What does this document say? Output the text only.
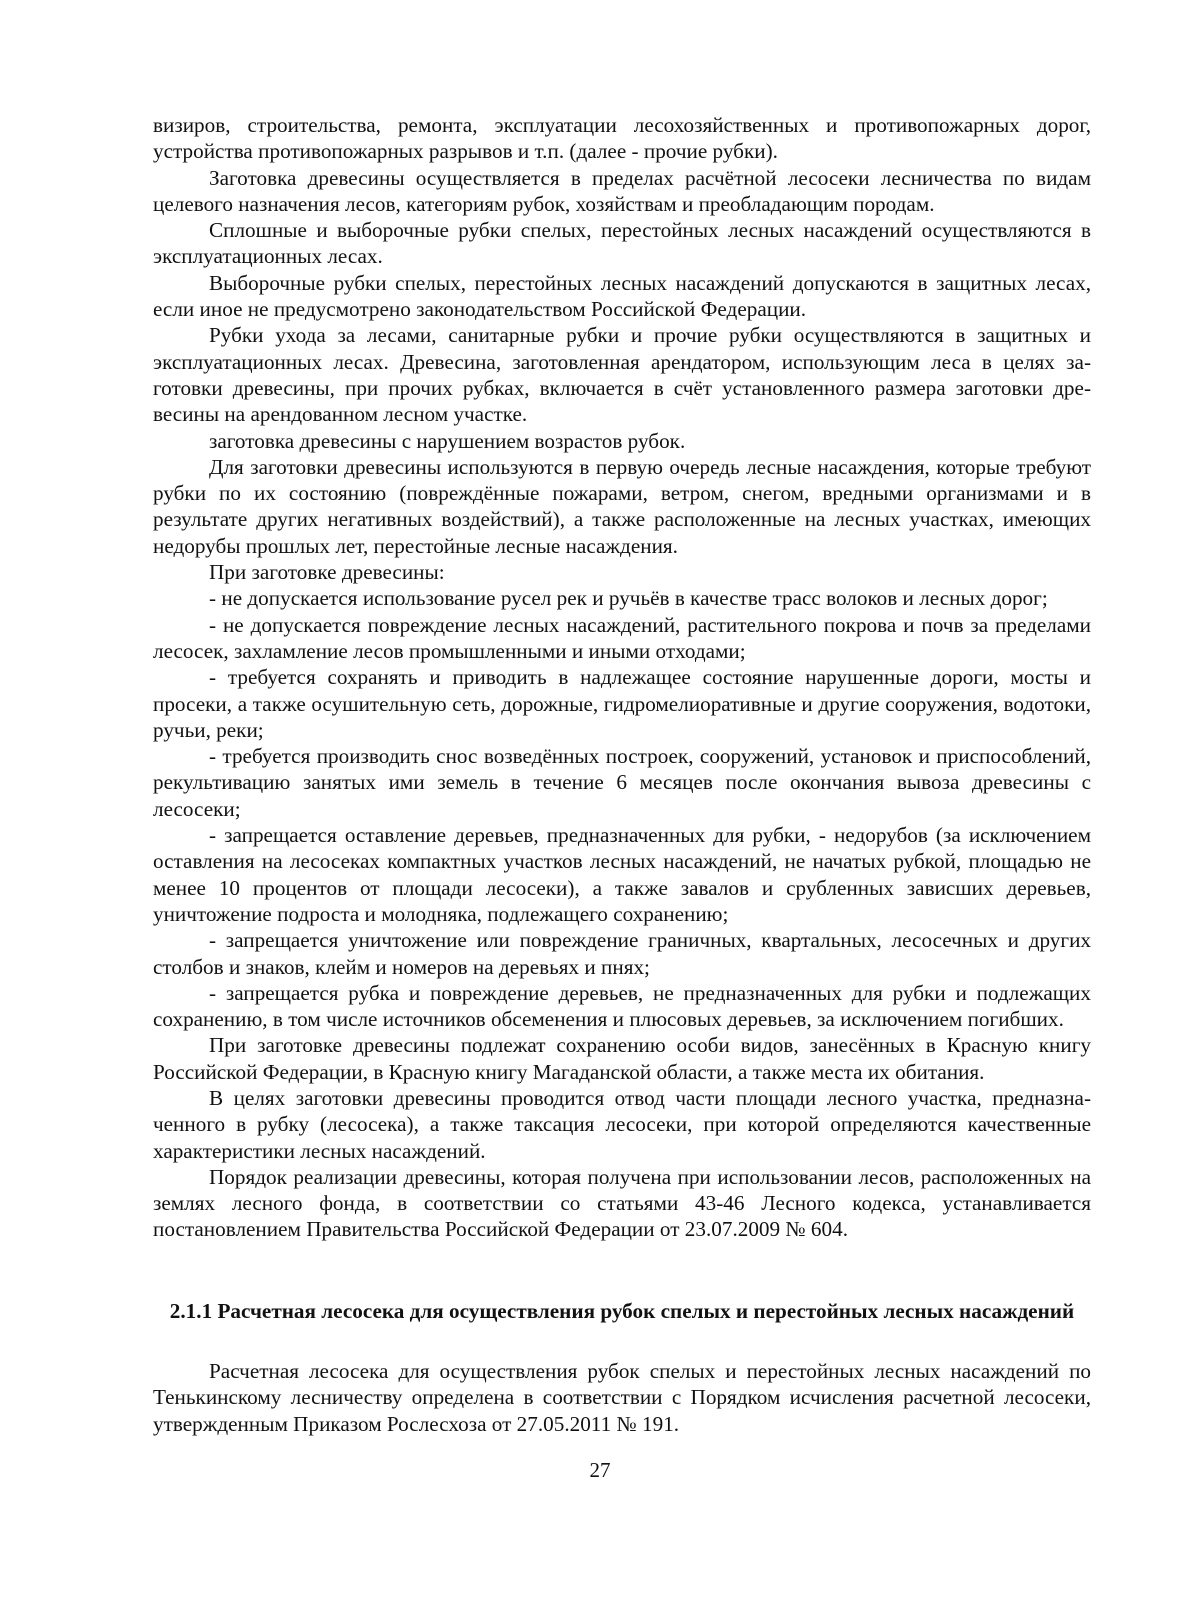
визиров, строительства, ремонта, эксплуатации лесохозяйственных и противопожарных дорог, устройства противопожарных разрывов и т.п. (далее - прочие рубки).

Заготовка древесины осуществляется в пределах расчётной лесосеки лесничества по видам целевого назначения лесов, категориям рубок, хозяйствам и преобладающим породам.

Сплошные и выборочные рубки спелых, перестойных лесных насаждений осуществляются в эксплуатационных лесах.

Выборочные рубки спелых, перестойных лесных насаждений допускаются в защитных лесах, если иное не предусмотрено законодательством Российской Федерации.

Рубки ухода за лесами, санитарные рубки и прочие рубки осуществляются в защитных и эксплуатационных лесах. Древесина, заготовленная арендатором, использующим леса в целях заготовки древесины, при прочих рубках, включается в счёт установленного размера заготовки древесины на арендованном лесном участке.

заготовка древесины с нарушением возрастов рубок.

Для заготовки древесины используются в первую очередь лесные насаждения, которые требуют рубки по их состоянию (повреждённые пожарами, ветром, снегом, вредными организмами и в результате других негативных воздействий), а также расположенные на лесных участках, имеющих недорубы прошлых лет, перестойные лесные насаждения.

При заготовке древесины:

- не допускается использование русел рек и ручьёв в качестве трасс волоков и лесных дорог;

- не допускается повреждение лесных насаждений, растительного покрова и почв за пределами лесосек, захламление лесов промышленными и иными отходами;

- требуется сохранять и приводить в надлежащее состояние нарушенные дороги, мосты и просеки, а также осушительную сеть, дорожные, гидромелиоративные и другие сооружения, водотоки, ручьи, реки;

- требуется производить снос возведённых построек, сооружений, установок и приспособлений, рекультивацию занятых ими земель в течение 6 месяцев после окончания вывоза древесины с лесосеки;

- запрещается оставление деревьев, предназначенных для рубки, - недорубов (за исключением оставления на лесосеках компактных участков лесных насаждений, не начатых рубкой, площадью не менее 10 процентов от площади лесосеки), а также завалов и срубленных зависших деревьев, уничтожение подроста и молодняка, подлежащего сохранению;

- запрещается уничтожение или повреждение граничных, квартальных, лесосечных и других столбов и знаков, клейм и номеров на деревьях и пнях;

- запрещается рубка и повреждение деревьев, не предназначенных для рубки и подлежащих сохранению, в том числе источников обсеменения и плюсовых деревьев, за исключением погибших.

При заготовке древесины подлежат сохранению особи видов, занесённых в Красную книгу Российской Федерации, в Красную книгу Магаданской области, а также места их обитания.

В целях заготовки древесины проводится отвод части площади лесного участка, предназначенного в рубку (лесосека), а также таксация лесосеки, при которой определяются качественные характеристики лесных насаждений.

Порядок реализации древесины, которая получена при использовании лесов, расположенных на землях лесного фонда, в соответствии со статьями 43-46 Лесного кодекса, устанавливается постановлением Правительства Российской Федерации от 23.07.2009 № 604.

2.1.1 Расчетная лесосека для осуществления рубок спелых и перестойных лесных насаждений

Расчетная лесосека для осуществления рубок спелых и перестойных лесных насаждений по Тенькинскому лесничеству определена в соответствии с Порядком исчисления расчетной лесосеки, утвержденным Приказом Рослесхоза от 27.05.2011 № 191.

27
